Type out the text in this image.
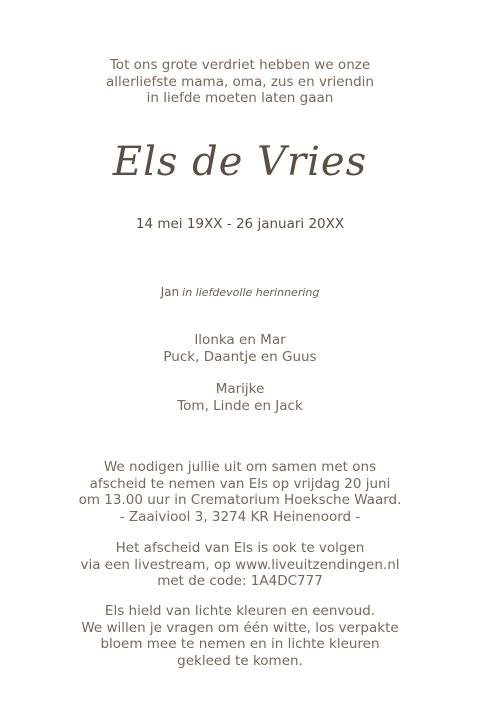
Tot ons grote verdriet hebben we onze
allerliefste mama, oma, zus en vriendin
in liefde moeten laten gaan
Els de Vries
14 mei 19XX - 26 januari 20XX
Jan in liefdevolle herinnering
Ilonka en Mar
Puck, Daantje en Guus
Marijke
Tom, Linde en Jack
We nodigen jullie uit om samen met ons
afscheid te nemen van Els op vrijdag 20 juni
om 13.00 uur in Crematorium Hoeksche Waard.
- Zaaiviool 3, 3274 KR Heinenoord -
Het afscheid van Els is ook te volgen
via een livestream, op www.liveuitzendingen.nl
met de code: 1A4DC777
Els hield van lichte kleuren en eenvoud.
We willen je vragen om één witte, los verpakte
bloem mee te nemen en in lichte kleuren
gekleed te komen.
